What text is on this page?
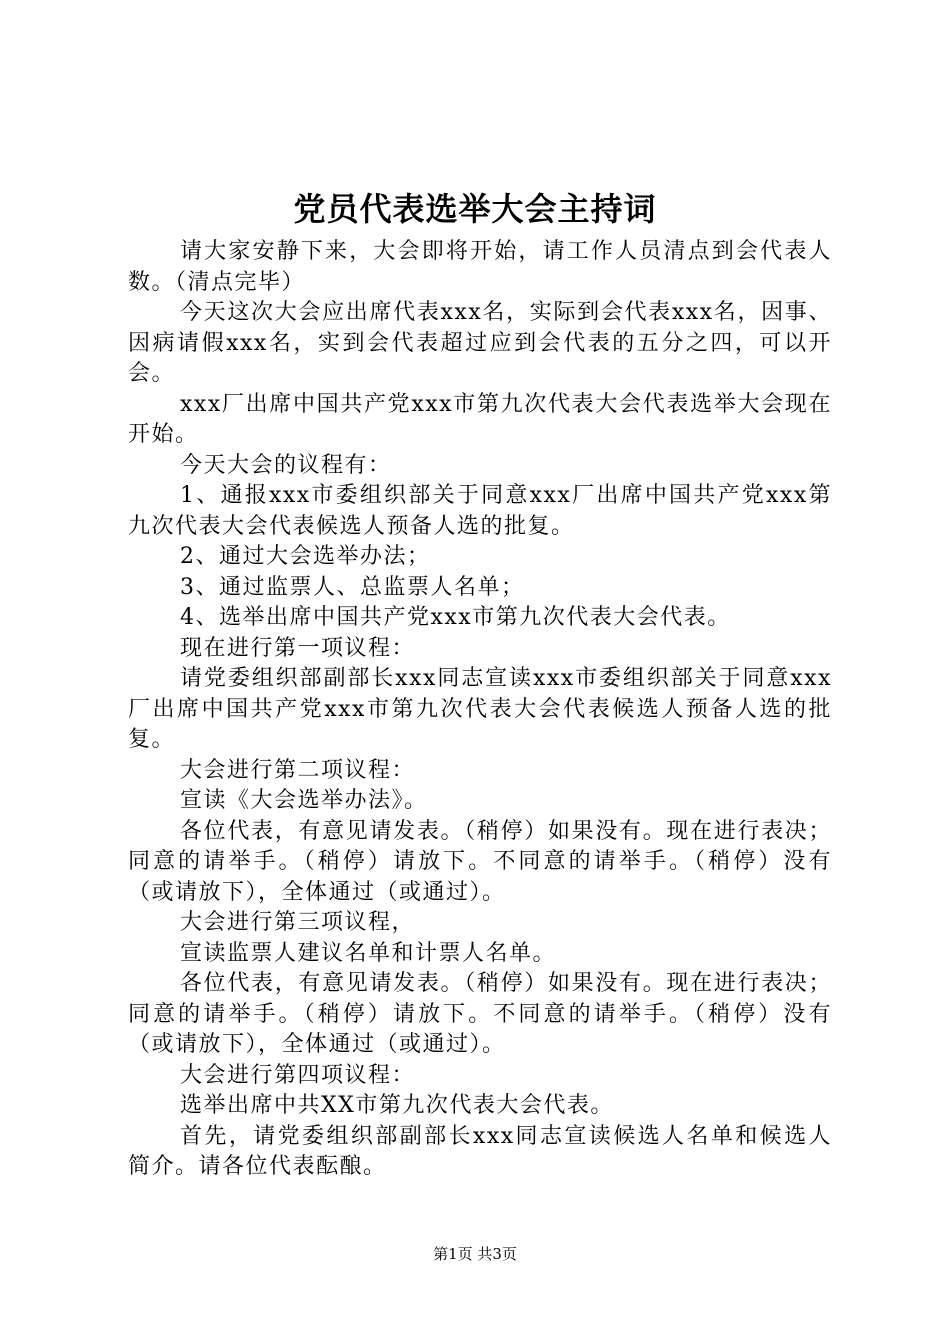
党员代表选举大会主持词

请大家安静下来，大会即将开始，请工作人员清点到会代表人数。（清点完毕）

今天这次大会应出席代表xxx名，实际到会代表xxx名，因事、因病请假xxx名，实到会代表超过应到会代表的五分之四，可以开会。

xxx厂出席中国共产党xxx市第九次代表大会代表选举大会现在开始。

今天大会的议程有：

1、通报xxx市委组织部关于同意xxx厂出席中国共产党xxx第九次代表大会代表候选人预备人选的批复。

2、通过大会选举办法；

3、通过监票人、总监票人名单；

4、选举出席中国共产党xxx市第九次代表大会代表。

现在进行第一项议程：

请党委组织部副部长xxx同志宣读xxx市委组织部关于同意xxx厂出席中国共产党xxx市第九次代表大会代表候选人预备人选的批复。

大会进行第二项议程：

宣读《大会选举办法》。

各位代表，有意见请发表。（稍停）如果没有。现在进行表决；同意的请举手。（稍停）请放下。不同意的请举手。（稍停）没有（或请放下），全体通过（或通过）。

大会进行第三项议程，

宣读监票人建议名单和计票人名单。

各位代表，有意见请发表。（稍停）如果没有。现在进行表决；同意的请举手。（稍停）请放下。不同意的请举手。（稍停）没有（或请放下），全体通过（或通过）。

大会进行第四项议程：

选举出席中共XX市第九次代表大会代表。

首先，请党委组织部副部长xxx同志宣读候选人名单和候选人简介。请各位代表酝酿。

第1页 共3页
